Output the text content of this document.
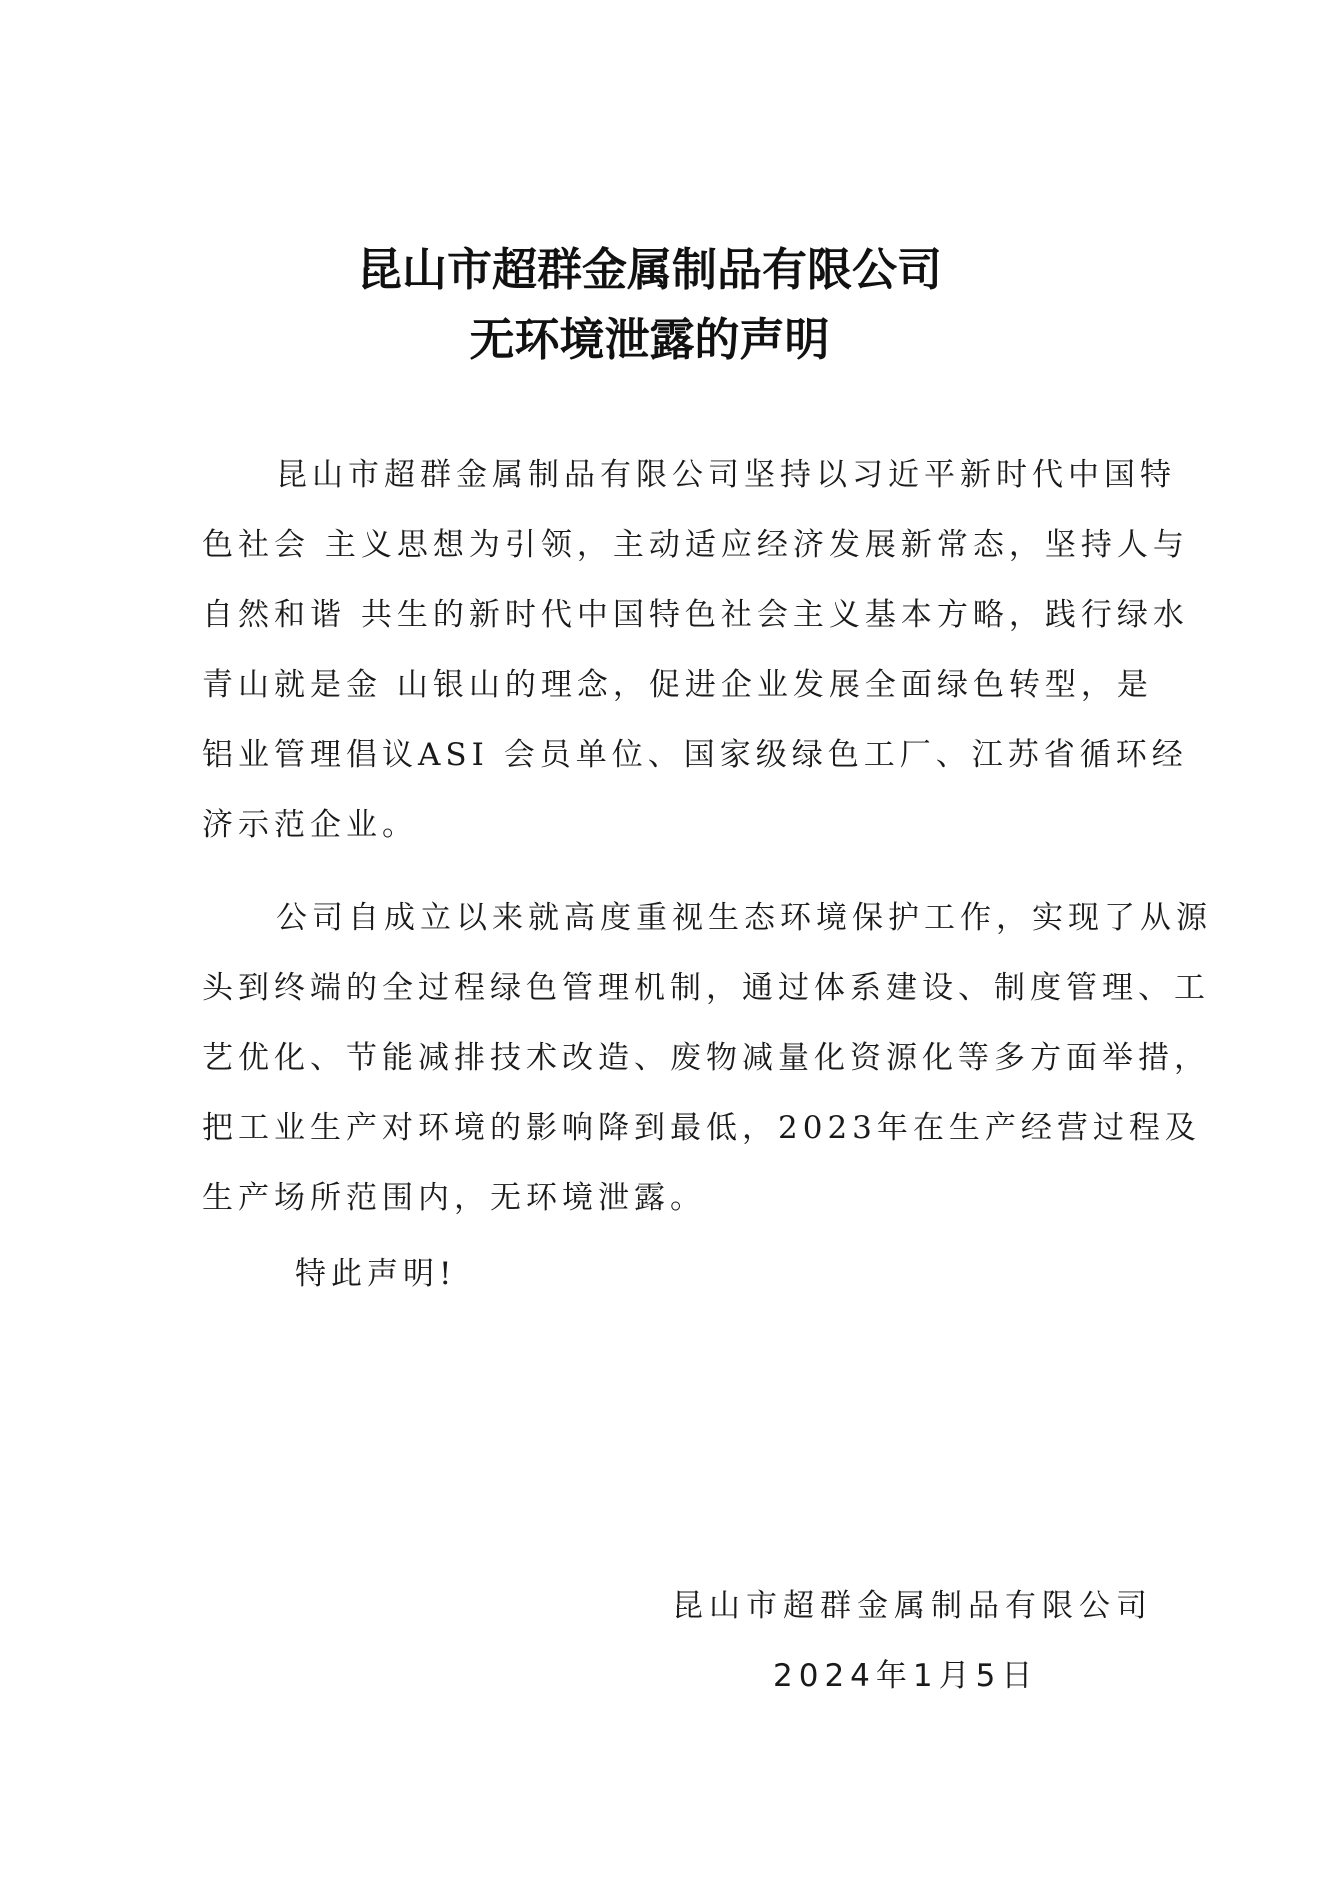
昆山市超群金属制品有限公司
无环境泄露的声明
昆山市超群金属制品有限公司坚持以习近平新时代中国特
色社会 主义思想为引领，主动适应经济发展新常态，坚持人与
自然和谐 共生的新时代中国特色社会主义基本方略，践行绿水
青山就是金 山银山的理念，促进企业发展全面绿色转型，是
铝业管理倡议ASI 会员单位、国家级绿色工厂、江苏省循环经
济示范企业。
公司自成立以来就高度重视生态环境保护工作，实现了从源
头到终端的全过程绿色管理机制，通过体系建设、制度管理、工
艺优化、节能减排技术改造、废物减量化资源化等多方面举措，
把工业生产对环境的影响降到最低，2023年在生产经营过程及
生产场所范围内，无环境泄露。
特此声明!
昆山市超群金属制品有限公司
2024年1月5日
